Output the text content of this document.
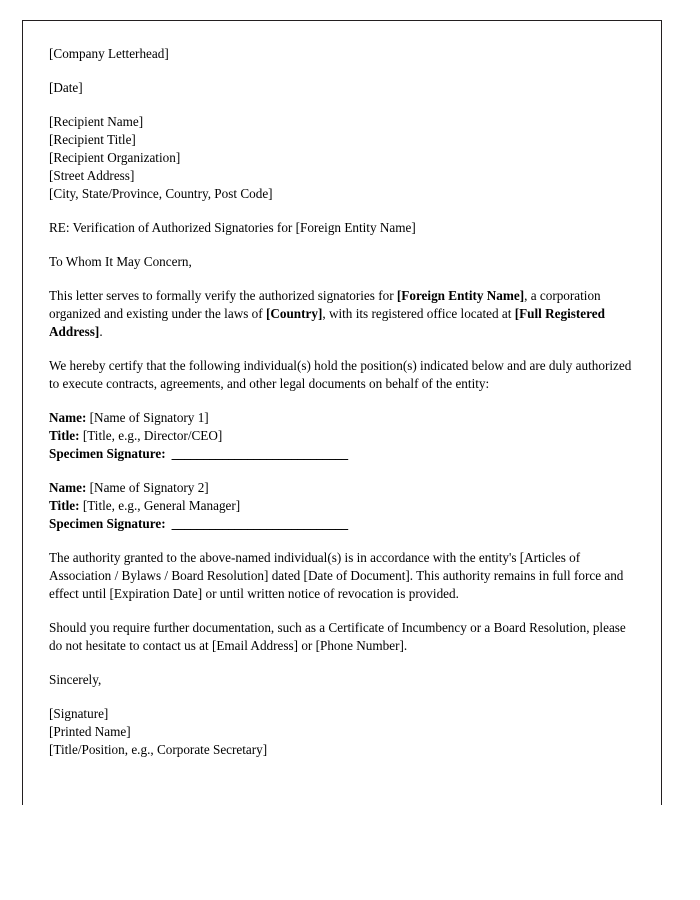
[Company Letterhead]
[Date]
[Recipient Name]
[Recipient Title]
[Recipient Organization]
[Street Address]
[City, State/Province, Country, Post Code]
RE: Verification of Authorized Signatories for [Foreign Entity Name]
To Whom It May Concern,

This letter serves to formally verify the authorized signatories for [Foreign Entity Name], a corporation organized and existing under the laws of [Country], with its registered office located at [Full Registered Address].

We hereby certify that the following individual(s) hold the position(s) indicated below and are duly authorized to execute contracts, agreements, and other legal documents on behalf of the entity:

Name: [Name of Signatory 1]
Title: [Title, e.g., Director/CEO]
Specimen Signature:  ____________________________
Name: [Name of Signatory 2]
Title: [Title, e.g., General Manager]
Specimen Signature:  ____________________________

The authority granted to the above-named individual(s) is in accordance with the entity's [Articles of Association / Bylaws / Board Resolution] dated [Date of Document]. This authority remains in full force and effect until [Expiration Date] or until written notice of revocation is provided.

Should you require further documentation, such as a Certificate of Incumbency or a Board Resolution, please do not hesitate to contact us at [Email Address] or [Phone Number].

Sincerely,
[Signature]
[Printed Name]
[Title/Position, e.g., Corporate Secretary]
